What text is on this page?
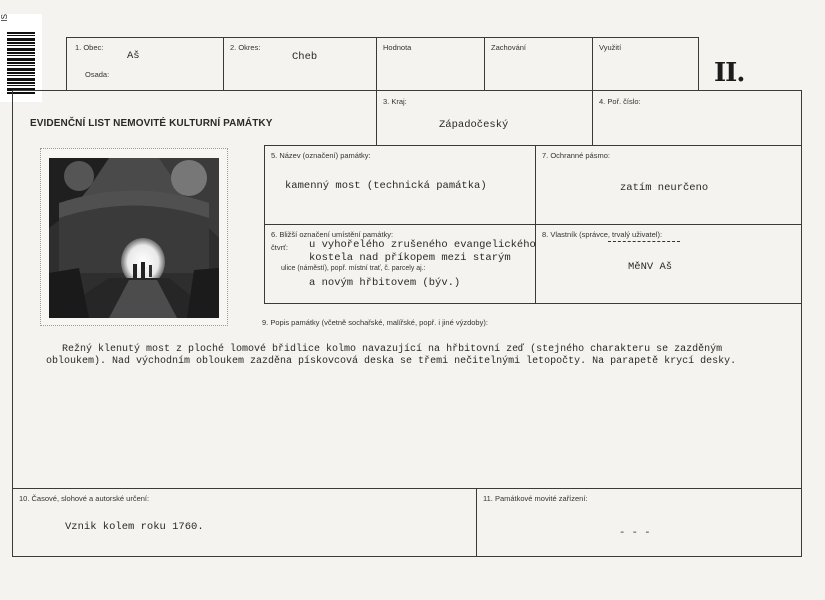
IS
II.
1. Obec:
Aš
Osada:
2. Okres:
Cheb
Hodnota	Zachování	Využití
EVIDENČNÍ LIST NEMOVITÉ KULTURNÍ PAMÁTKY
3. Kraj:
Západočeský
4. Poř. číslo:
5. Název (označení) památky:
kamenný most (technická památka)
7. Ochranné pásmo:
zatím neurčeno
6. Bližší označení umístění památky:
čtvrť: u vyhořelého zrušeného evangelického
kostela nad příkopem mezi starým
ulice (náměstí), popř. místní trať, č. parcely aj.:
a novým hřbitovem (býv.)
8. Vlastník (správce, trvalý uživatel):
MěNV Aš
9. Popis památky (včetně sochařské, malířské, popř. i jiné výzdoby):
Režný klenutý most z ploché lomové břidlice kolmo navazující na hřbitovní zeď (stejného charakteru se zazděným
obloukem). Nad východním obloukem zazděna pískovcová deska se třemi nečitelnými letopočty. Na parapetě krycí desky.
10. Časové, slohové a autorské určení:
Vznik kolem roku 1760.
11. Památkové movité zařízení:
- - -
